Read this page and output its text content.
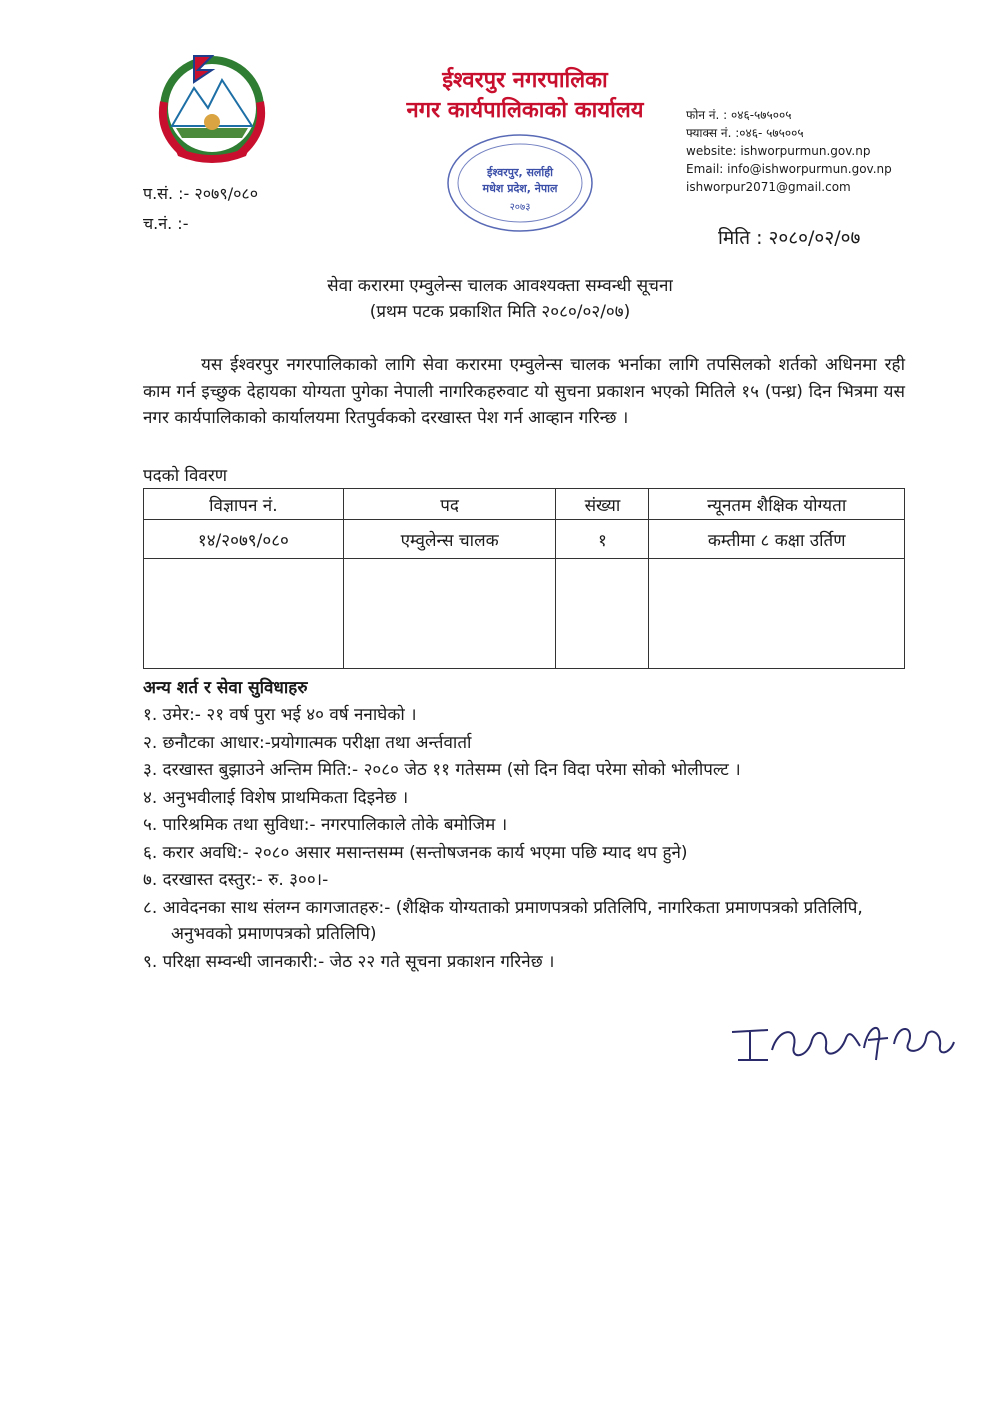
ईश्वरपुर नगरपालिका
नगर कार्यपालिकाको कार्यालय
ईश्वरपुर, सर्लाही
मधेश प्रदेश, नेपाल
२०७३
फोन नं. : ०४६-५७५००५
फ्याक्स नं. :०४६- ५७५००५
website: ishworpurmun.gov.np
Email: info@ishworpurmun.gov.np
ishworpur2071@gmail.com
प.सं. :- २०७९/०८०
च.नं. :-
मिति : २०८०/०२/०७
सेवा करारमा एम्वुलेन्स चालक आवश्यक्ता सम्वन्धी सूचना
(प्रथम पटक प्रकाशित मिति २०८०/०२/०७)

यस ईश्वरपुर नगरपालिकाको लागि सेवा करारमा एम्वुलेन्स चालक भर्नाका लागि तपसिलको शर्तको अधिनमा रही काम गर्न इच्छुक देहायका योग्यता पुगेका नेपाली नागरिकहरुवाट यो सुचना प्रकाशन भएको मितिले १५ (पन्ध्र) दिन भित्रमा यस नगर कार्यपालिकाको कार्यालयमा रितपुर्वकको दरखास्त पेश गर्न आव्हान गरिन्छ ।

पदको विवरण
विज्ञापन नं.	पद	संख्या	न्यूनतम शैक्षिक योग्यता
१४/२०७९/०८०	एम्वुलेन्स चालक	१	कम्तीमा ८ कक्षा उर्तिण

अन्य शर्त र सेवा सुविधाहरु
१. उमेर:- २१ वर्ष पुरा भई ४० वर्ष ननाघेको ।
२. छनौटका आधार:-प्रयोगात्मक परीक्षा तथा अर्न्तवार्ता
३. दरखास्त बुझाउने अन्तिम मिति:- २०८० जेठ ११ गतेसम्म (सो दिन विदा परेमा सोको भोलीपल्ट ।
४. अनुभवीलाई विशेष प्राथमिकता दिइनेछ ।
५. पारिश्रमिक तथा सुविधा:- नगरपालिकाले तोके बमोजिम ।
६. करार अवधि:- २०८० असार मसान्तसम्म (सन्तोषजनक कार्य भएमा पछि म्याद थप हुने)
७. दरखास्त दस्तुर:- रु. ३००।-
८. आवेदनका साथ संलग्न कागजातहरु:- (शैक्षिक योग्यताको प्रमाणपत्रको प्रतिलिपि, नागरिकता प्रमाणपत्रको प्रतिलिपि, अनुभवको प्रमाणपत्रको प्रतिलिपि)
९. परिक्षा सम्वन्धी जानकारी:- जेठ २२ गते सूचना प्रकाशन गरिनेछ ।
